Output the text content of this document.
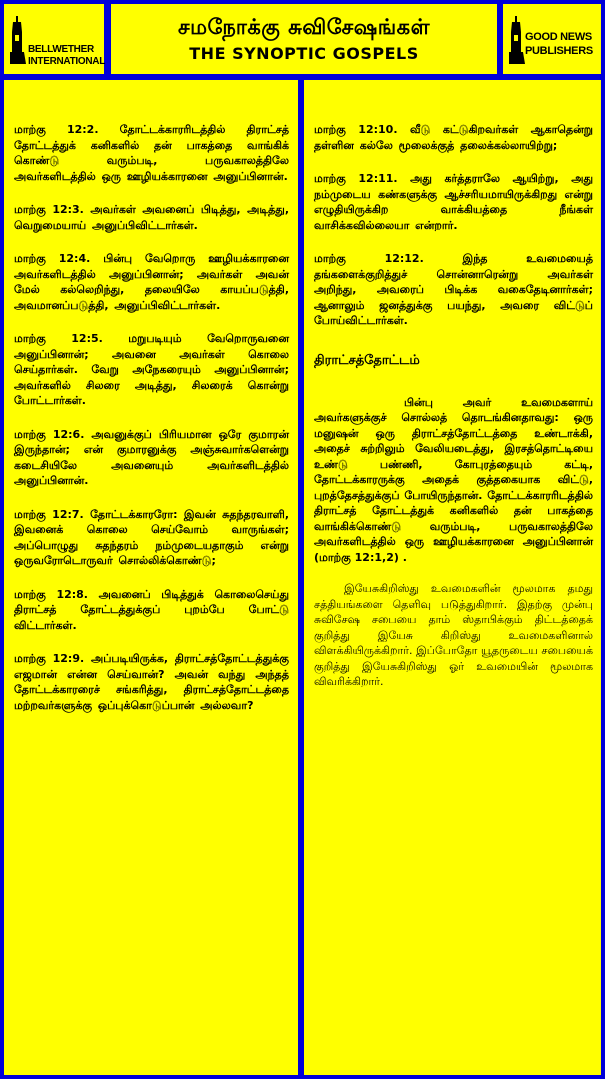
BELLWETHER
INTERNATIONAL
சமநோக்கு சுவிசேஷங்கள்
THE SYNOPTIC GOSPELS
GOOD NEWS
PUBLISHERS

மாற்கு 12:2. தோட்டக்காரரிடத்தில் திராட்சத் தோட்டத்துக் கனிகளில் தன் பாகத்தை வாங்கிக் கொண்டு வரும்படி, பருவகாலத்திலே அவர்களிடத்தில் ஒரு ஊழியக்காரனை அனுப்பினான்.

மாற்கு 12:3. அவர்கள் அவனைப் பிடித்து, அடித்து, வெறுமையாய் அனுப்பிவிட்டார்கள்.

மாற்கு 12:4. பின்பு வேறொரு ஊழியக்காரனை அவர்களிடத்தில் அனுப்பினான்; அவர்கள் அவன் மேல் கல்லெறிந்து, தலையிலே காயப்படுத்தி, அவமானப்படுத்தி, அனுப்பிவிட்டார்கள்.

மாற்கு 12:5. மறுபடியும் வேறொருவனை அனுப்பினான்; அவனை அவர்கள் கொலை செய்தார்கள். வேறு அநேகரையும் அனுப்பினான்; அவர்களில் சிலரை அடித்து, சிலரைக் கொன்று போட்டார்கள்.

மாற்கு 12:6. அவனுக்குப் பிரியமான ஒரே குமாரன் இருந்தான்; என் குமாரனுக்கு அஞ்சுவார்களென்று கடைசியிலே அவனையும் அவர்களிடத்தில் அனுப்பினான்.

மாற்கு 12:7. தோட்டக்காரரோ: இவன் சுதந்தரவாளி, இவனைக் கொலை செய்வோம் வாருங்கள்; அப்பொழுது சுதந்தரம் நம்முடையதாகும் என்று ஒருவரோடொருவர் சொல்லிக்கொண்டு;

மாற்கு 12:8. அவனைப் பிடித்துக் கொலைசெய்து திராட்சத் தோட்டத்துக்குப் புறம்பே போட்டு விட்டார்கள்.

மாற்கு 12:9. அப்படியிருக்க, திராட்சத்தோட்டத்துக்கு எஜமான் என்ன செய்வான்? அவன் வந்து அந்தத் தோட்டக்காரரைச் சங்கரித்து, திராட்சத்தோட்டத்தை மற்றவர்களுக்கு ஒப்புக்கொடுப்பான் அல்லவா?

மாற்கு 12:10. வீடு கட்டுகிறவர்கள் ஆகாதென்று தள்ளின கல்லே மூலைக்குத் தலைக்கல்லாயிற்று;

மாற்கு 12:11. அது கர்த்தராலே ஆயிற்று, அது நம்முடைய கண்களுக்கு ஆச்சரியமாயிருக்கிறது என்று எழுதியிருக்கிற வாக்கியத்தை நீங்கள் வாசிக்கவில்லையா என்றார்.

மாற்கு 12:12. இந்த உவமையைத் தங்களைக்குறித்துச் சொன்னாரென்று அவர்கள் அறிந்து, அவரைப் பிடிக்க வகைதேடினார்கள்; ஆனாலும் ஜனத்துக்கு பயந்து, அவரை விட்டுப் போய்விட்டார்கள்.

திராட்சத்தோட்டம்

பின்பு அவர் உவமைகளாய் அவர்களுக்குச் சொல்லத் தொடங்கினதாவது: ஒரு மனுஷன் ஒரு திராட்சத்தோட்டத்தை உண்டாக்கி, அதைச் சுற்றிலும் வேலியடைத்து, இரசத்தொட்டியை உண்டு பண்ணி, கோபுரத்தையும் கட்டி, தோட்டக்காரருக்கு அதைக் குத்தகையாக விட்டு, புறத்தேசத்துக்குப் போயிருந்தான். தோட்டக்காரரிடத்தில் திராட்சத் தோட்டத்துக் கனிகளில் தன் பாகத்தை வாங்கிக்கொண்டு வரும்படி, பருவகாலத்திலே அவர்களிடத்தில் ஒரு ஊழியக்காரனை அனுப்பினான் (மாற்கு 12:1,2) .

இயேசுகிறிஸ்து உவமைகளின் மூலமாக தமது சத்தியங்களை தெளிவு படுத்துகிறார். இதற்கு முன்பு சுவிசேஷ சபையை தாம் ஸ்தாபிக்கும் திட்டத்தைக் குறித்து இயேசு கிறிஸ்து உவமைகளினால் விளக்கியிருக்கிறார். இப்போதோ யூதருடைய சபையைக் குறித்து இயேசுகிறிஸ்து ஓர் உவமையின் மூலமாக விவரிக்கிறார்.
